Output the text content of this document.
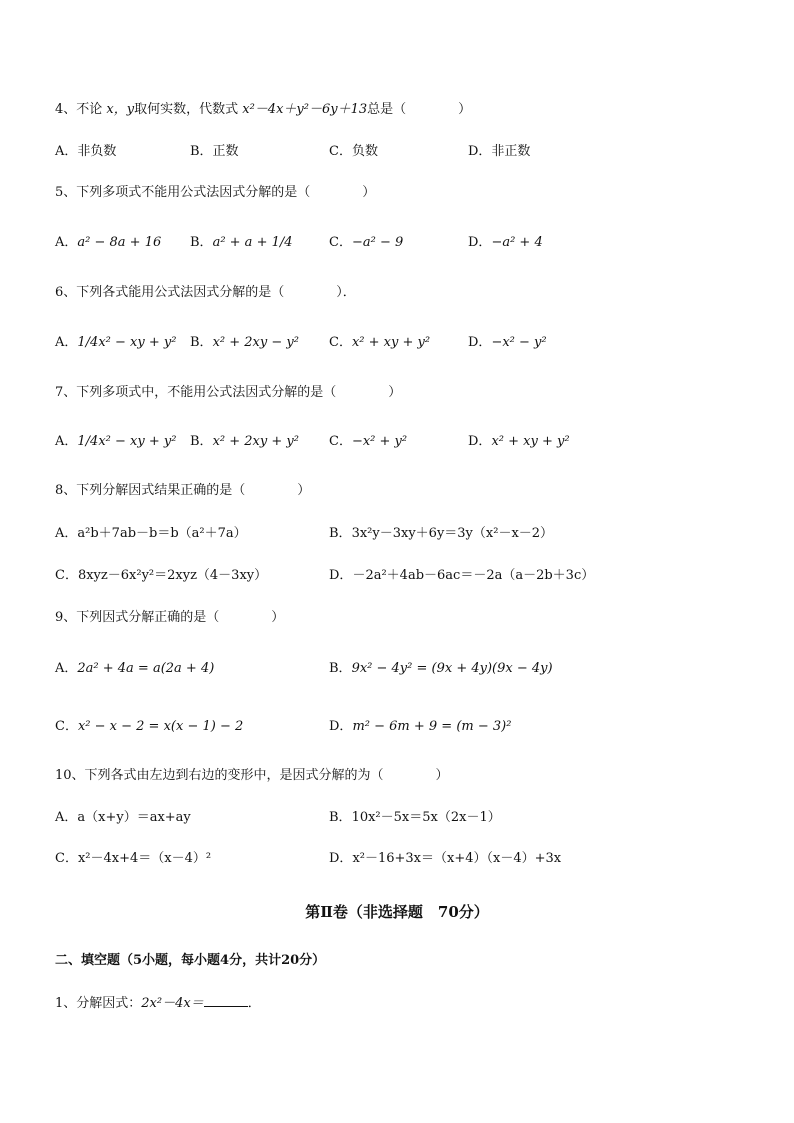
4、不论 x，y取何实数，代数式 x²－4x＋y²－6y＋13总是（　　　　）
A．非负数	B．正数	C．负数	D．非正数
5、下列多项式不能用公式法因式分解的是（　　　　）
A．a² − 8a + 16 B．a² + a + 1/4	C．−a² − 9	D．−a² + 4
6、下列各式能用公式法因式分解的是（　　　　）．
A．1/4x² − xy + y² B．x² + 2xy − y² C．x² + xy + y²	D．−x² − y²
7、下列多项式中，不能用公式法因式分解的是（　　　　）
A．1/4x² − xy + y² B．x² + 2xy + y² C．−x² + y²	D．x² + xy + y²
8、下列分解因式结果正确的是（　　　　）
A．a²b＋7ab－b＝b（a²＋7a）	B．3x²y－3xy＋6y＝3y（x²－x－2）
C．8xyz－6x²y²＝2xyz（4－3xy）	D．－2a²＋4ab－6ac＝－2a（a－2b＋3c）
9、下列因式分解正确的是（　　　　）
A．2a² + 4a = a(2a + 4)	B．9x² − 4y² = (9x + 4y)(9x − 4y)
C．x² − x − 2 = x(x − 1) − 2	D．m² − 6m + 9 = (m − 3)²
10、下列各式由左边到右边的变形中，是因式分解的为（　　　　）
A．a（x+y）＝ax+ay	B．10x²－5x＝5x（2x－1）
C．x²－4x+4＝（x－4）²	D．x²－16+3x＝（x+4）（x－4）+3x
第Ⅱ卷（非选择题　70分）
二、填空题（5小题，每小题4分，共计20分）
1、分解因式：2x²－4x＝	．
